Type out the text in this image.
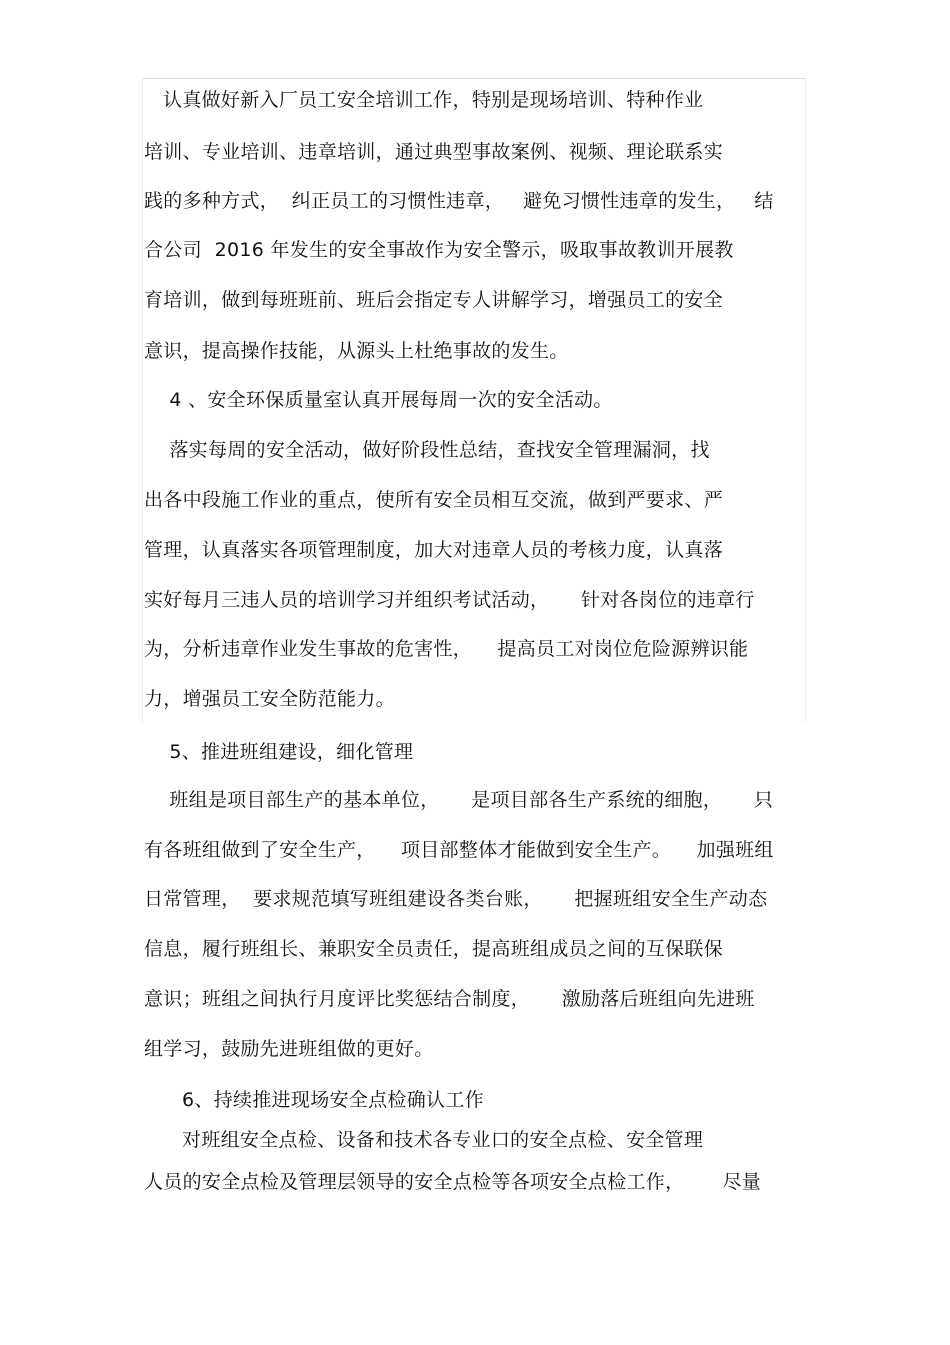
认真做好新入厂员工安全培训工作，特别是现场培训、特种作业
培训、专业培训、违章培训，通过典型事故案例、视频、理论联系实
践的多种方式，  纠正员工的习惯性违章，   避免习惯性违章的发生，   结
合公司  2016 年发生的安全事故作为安全警示，吸取事故教训开展教
育培训，做到每班班前、班后会指定专人讲解学习，增强员工的安全
意识，提高操作技能，从源头上杜绝事故的发生。
4 、安全环保质量室认真开展每周一次的安全活动。
落实每周的安全活动，做好阶段性总结，查找安全管理漏洞，找
出各中段施工作业的重点，使所有安全员相互交流，做到严要求、严
管理，认真落实各项管理制度，加大对违章人员的考核力度，认真落
实好每月三违人员的培训学习并组织考试活动，     针对各岗位的违章行
为，分析违章作业发生事故的危害性，    提高员工对岗位危险源辨识能
力，增强员工安全防范能力。
5、推进班组建设，细化管理
班组是项目部生产的基本单位，     是项目部各生产系统的细胞，     只
有各班组做到了安全生产，    项目部整体才能做到安全生产。    加强班组
日常管理，  要求规范填写班组建设各类台账，     把握班组安全生产动态
信息，履行班组长、兼职安全员责任，提高班组成员之间的互保联保
意识；班组之间执行月度评比奖惩结合制度，     激励落后班组向先进班
组学习，鼓励先进班组做的更好。
6、持续推进现场安全点检确认工作
对班组安全点检、设备和技术各专业口的安全点检、安全管理
人员的安全点检及管理层领导的安全点检等各项安全点检工作，      尽量
